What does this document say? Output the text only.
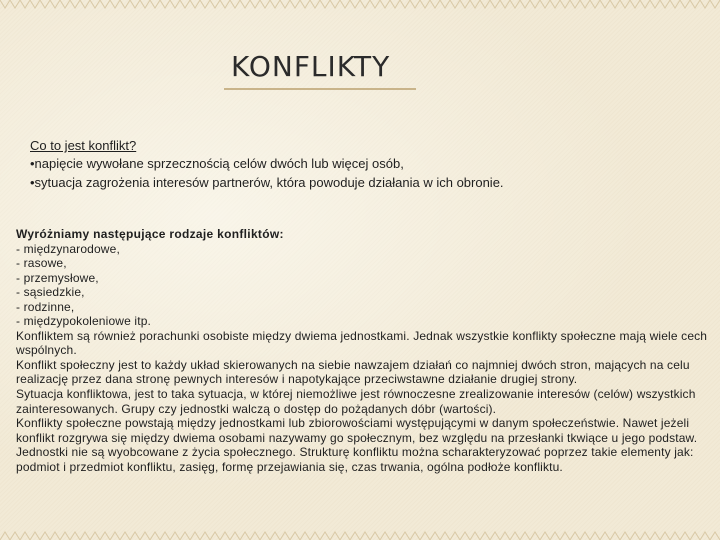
KONFLIKTY

Co to jest konflikt?

•napięcie wywołane sprzecznością celów dwóch lub więcej osób,

•sytuacja zagrożenia interesów partnerów, która powoduje działania w ich obronie.

Wyróżniamy następujące rodzaje konfliktów:

- międzynarodowe,

- rasowe,

- przemysłowe,

- sąsiedzkie,

- rodzinne,

- międzypokoleniowe itp.

Konfliktem są również porachunki osobiste między dwiema jednostkami. Jednak wszystkie konflikty społeczne mają wiele cech wspólnych.

Konflikt społeczny jest to każdy układ skierowanych na siebie nawzajem działań co najmniej dwóch stron, mających na celu realizację przez dana stronę pewnych interesów i napotykające przeciwstawne działanie drugiej strony.

Sytuacja konfliktowa, jest to taka sytuacja, w której niemożliwe jest równoczesne zrealizowanie interesów (celów) wszystkich zainteresowanych. Grupy czy jednostki walczą o dostęp do pożądanych dóbr (wartości).

Konflikty społeczne powstają między jednostkami lub zbiorowościami występującymi w danym społeczeństwie. Nawet jeżeli konflikt rozgrywa się między dwiema osobami nazywamy go społecznym, bez względu na przesłanki tkwiące u jego podstaw. Jednostki nie są wyobcowane z życia społecznego. Strukturę konfliktu można scharakteryzować poprzez takie elementy jak: podmiot i przedmiot konfliktu, zasięg, formę przejawiania się, czas trwania, ogólna podłoże konfliktu.
